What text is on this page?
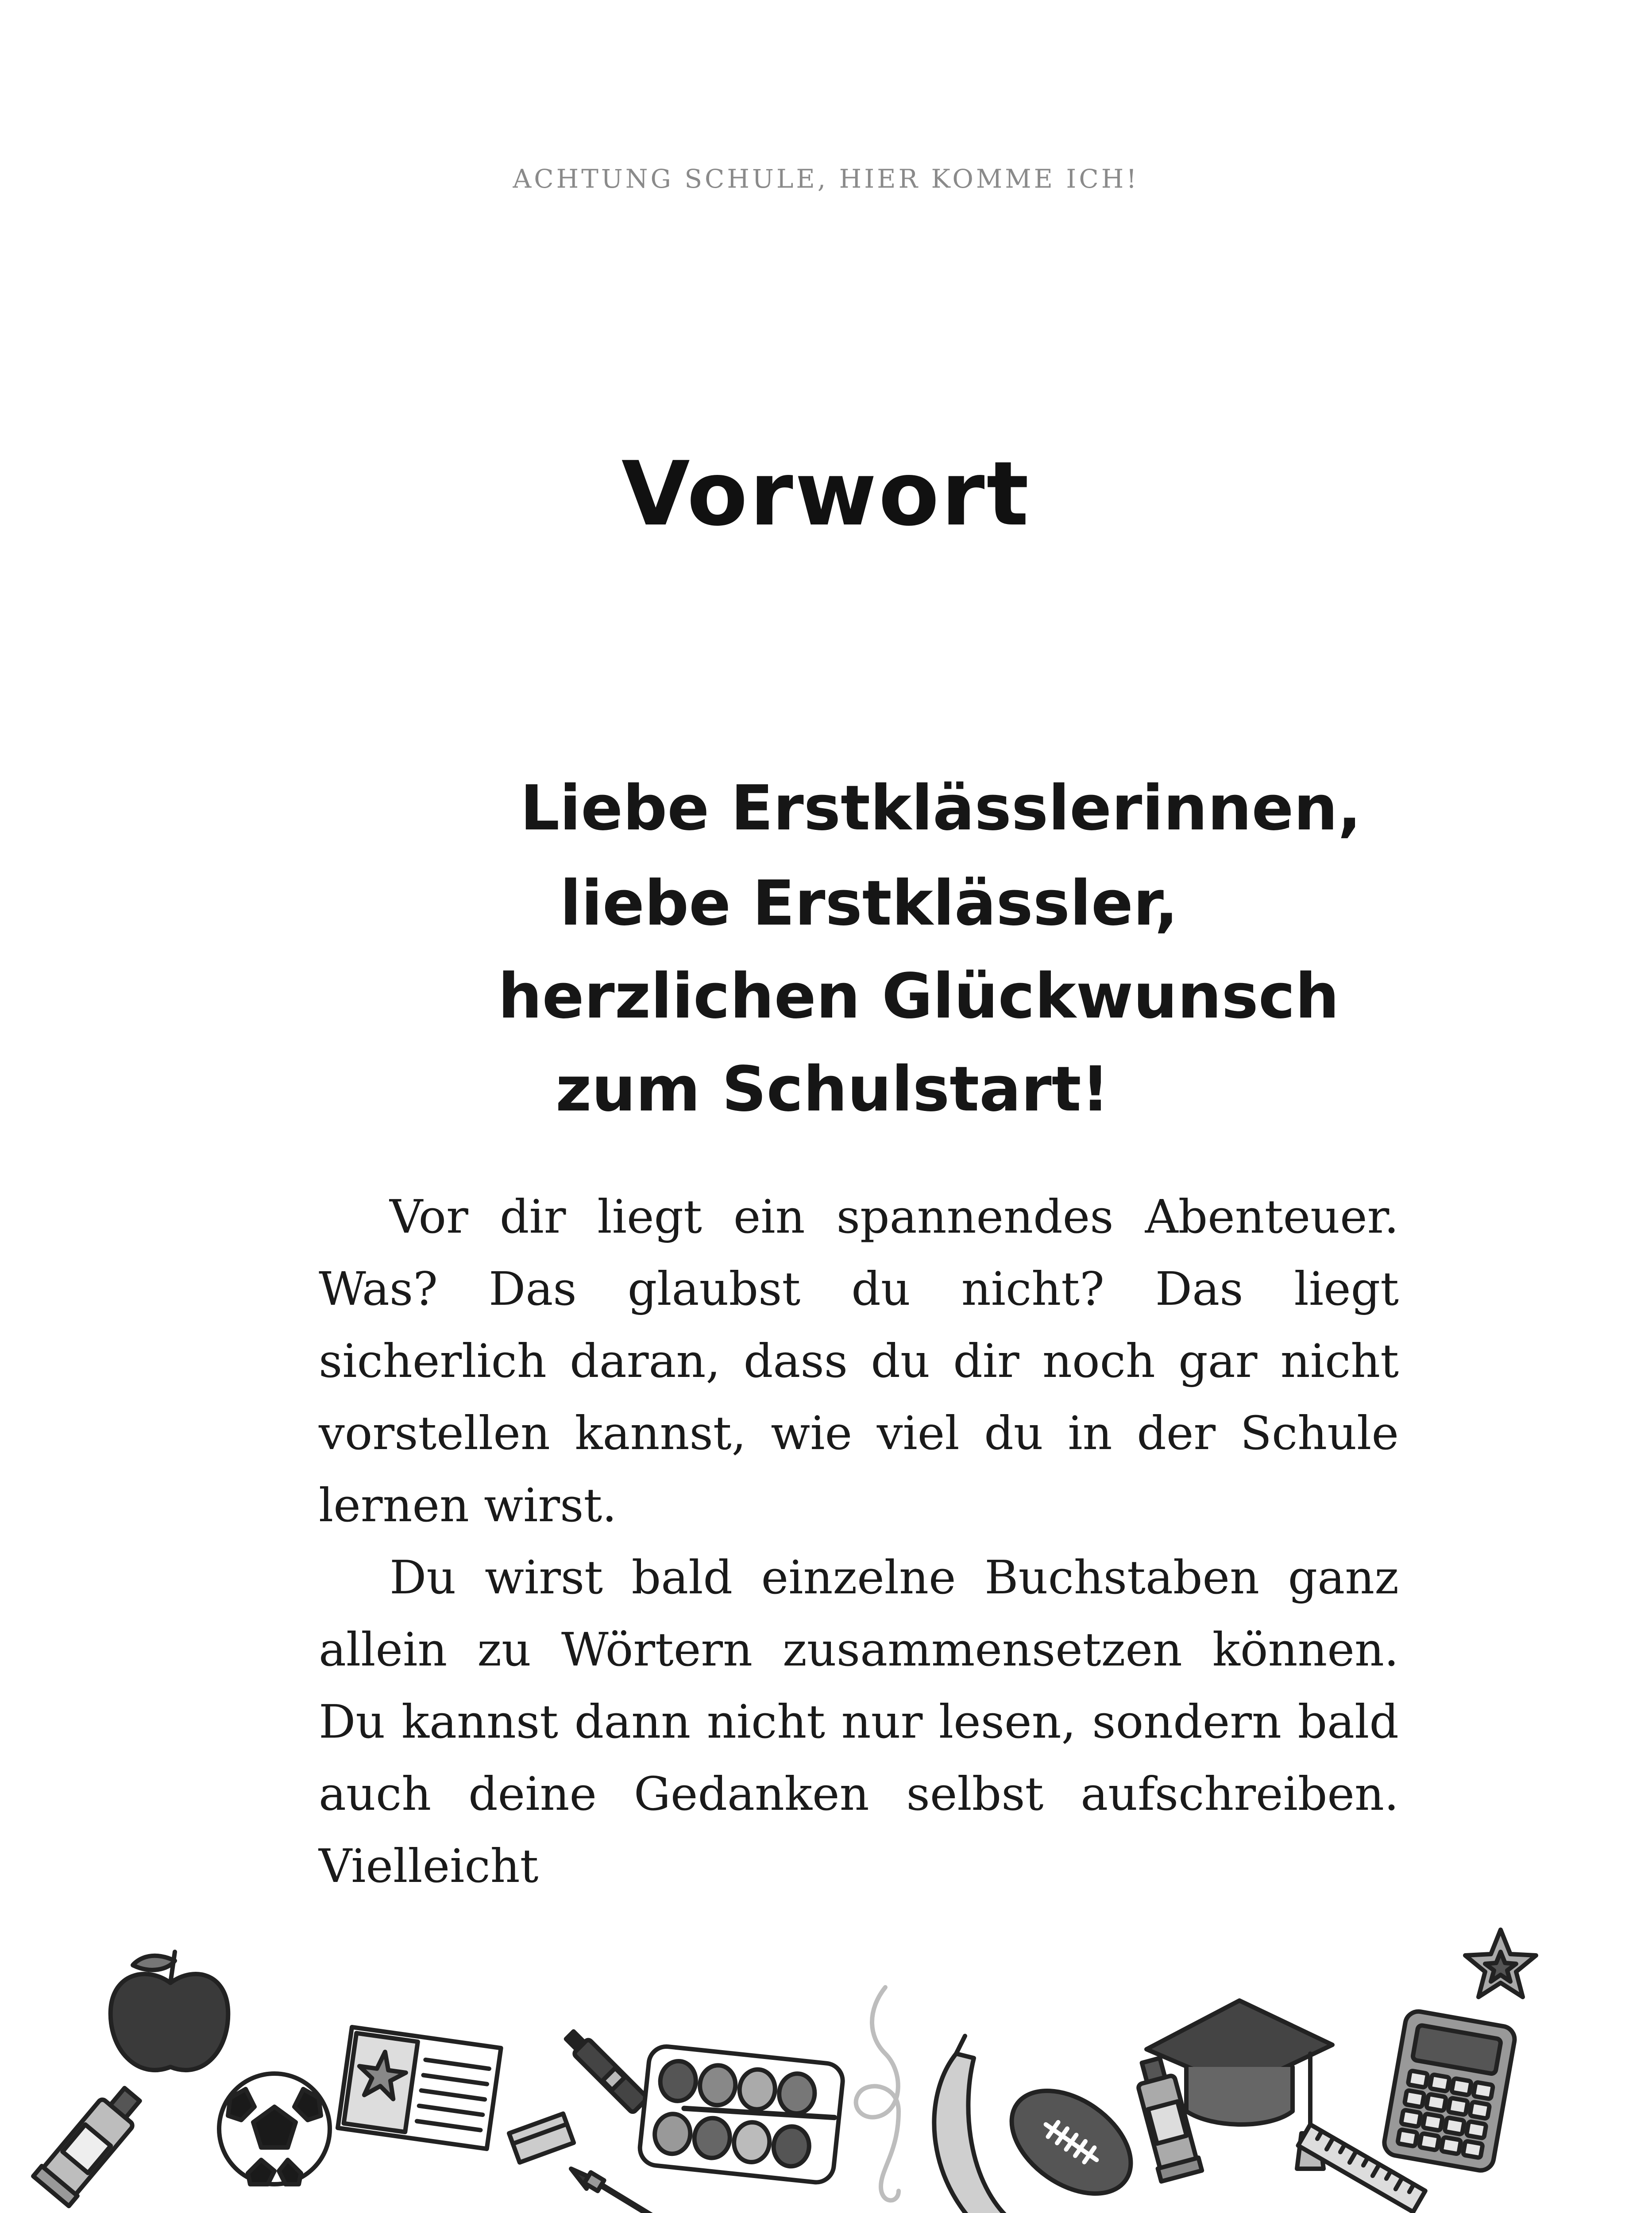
ACHTUNG SCHULE, HIER KOMME ICH!
Vorwort
Liebe Erstklässlerinnen,
liebe Erstklässler,
herzlichen Glückwunsch
zum Schulstart!

Vor dir liegt ein spannendes Abenteuer. Was? Das glaubst du nicht? Das liegt sicherlich daran, dass du dir noch gar nicht vorstellen kannst, wie viel du in der Schule lernen wirst.

Du wirst bald einzelne Buchstaben ganz allein zu Wörtern zusammensetzen können. Du kannst dann nicht nur lesen, sondern bald auch deine Gedanken selbst aufschreiben. Vielleicht
